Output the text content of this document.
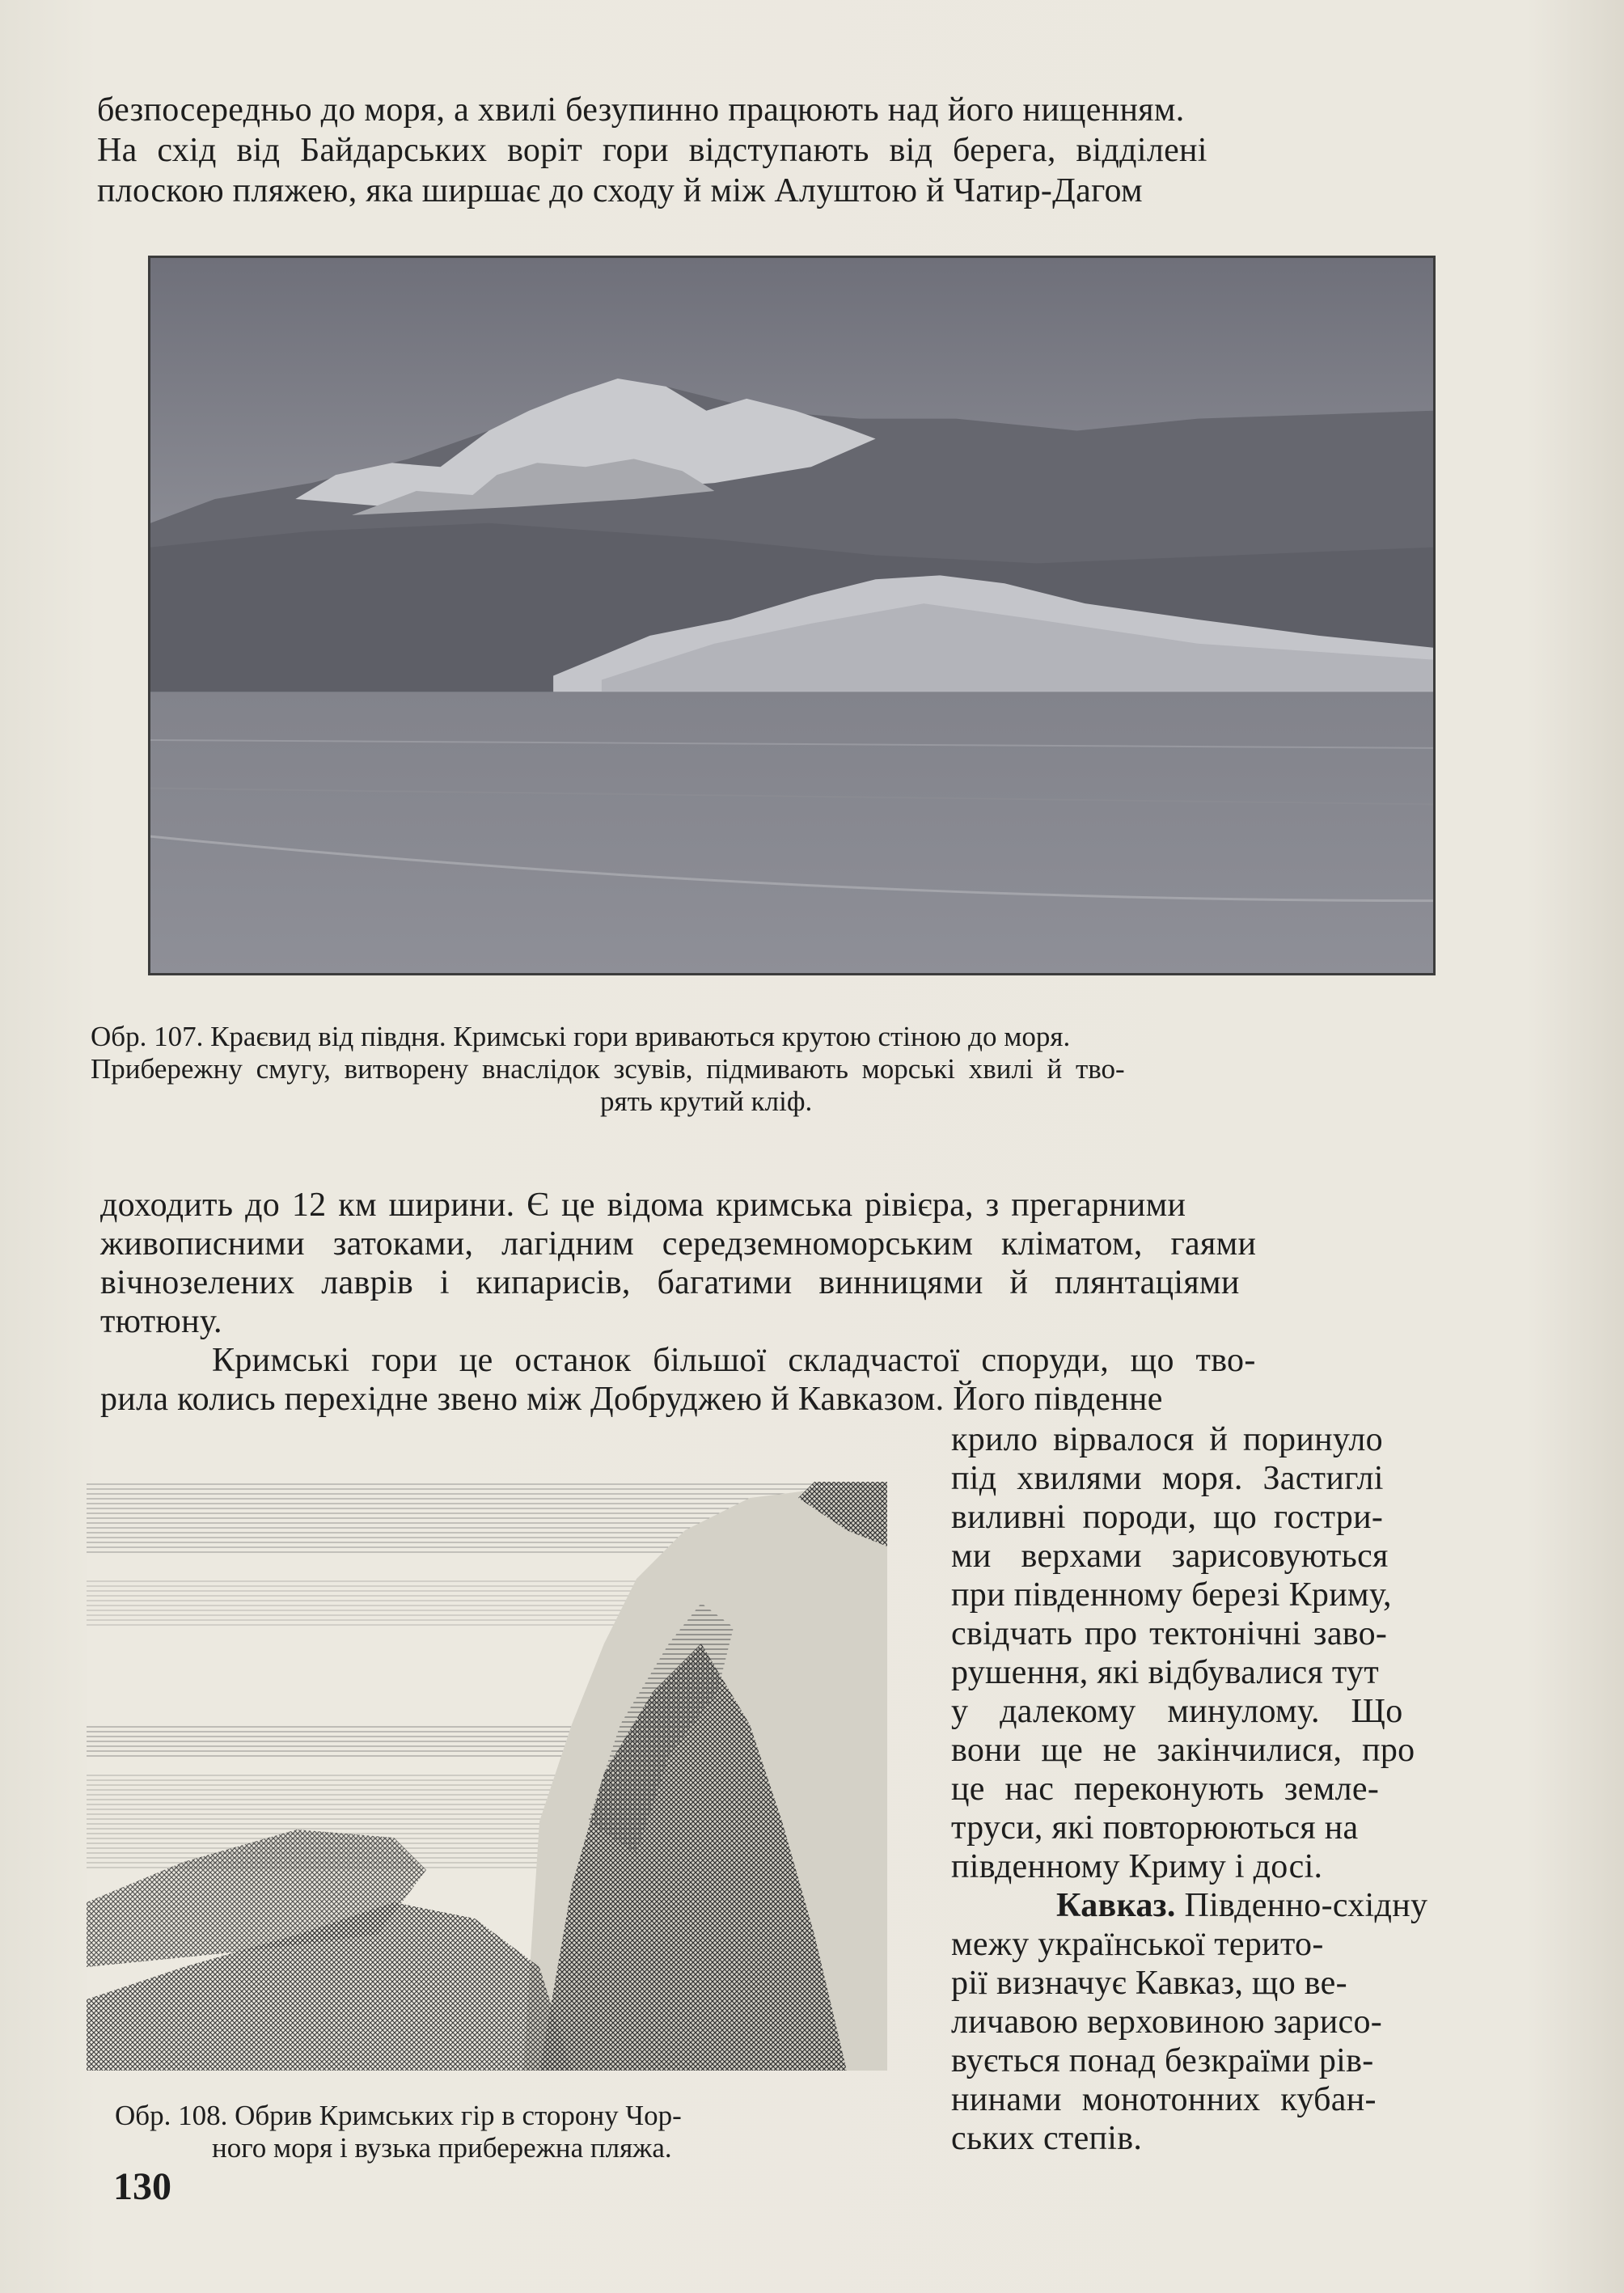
безпосередньо до моря, а хвилі безупинно працюють над його нищенням.
На схід від Байдарських воріт гори відступають від берега, відділені
плоскою пляжею, яка ширшає до сходу й між Алуштою й Чатир-Дагом
Обр. 107. Краєвид від півдня. Кримські гори вриваються крутою стіною до моря.
Прибережну смугу, витворену внаслідок зсувів, підмивають морські хвилі й тво-
рять крутий кліф.
доходить до 12 км ширини. Є це відома кримська рівієра, з прегарними
живописними затоками, лагідним середземноморським кліматом, гаями
вічнозелених лаврів і кипарисів, багатими винницями й плянтаціями
тютюну.
Кримські гори це останок більшої складчастої споруди, що тво-
рила колись перехідне звено між Добруджею й Кавказом. Його південне
Обр. 108. Обрив Кримських гір в сторону Чор-
ного моря і вузька прибережна пляжа.
крило вірвалося й поринуло
під хвилями моря. Застиглі
виливні породи, що гостри-
ми верхами зарисовуються
при південному березі Криму,
свідчать про тектонічні заво-
рушення, які відбувалися тут
у далекому минулому. Що
вони ще не закінчилися, про
це нас переконують земле-
труси, які повторюються на
південному Криму і досі.
Кавказ. Південно-східну
межу української терито-
рії визначує Кавказ, що ве-
личавою верховиною зарисо-
вується понад безкраїми рів-
нинами монотонних кубан-
ських степів.
130
